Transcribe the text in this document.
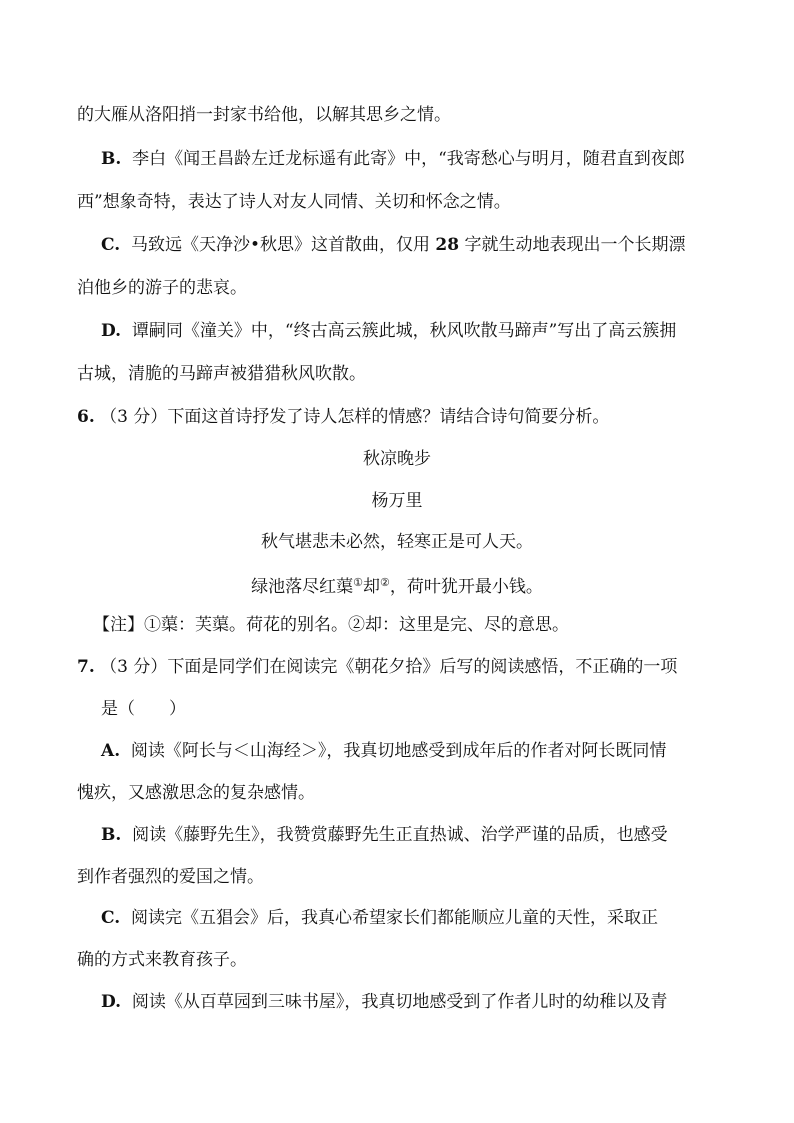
的大雁从洛阳捎一封家书给他，以解其思乡之情。
B. 李白《闻王昌龄左迁龙标遥有此寄》中，“我寄愁心与明月，随君直到夜郎
西”想象奇特，表达了诗人对友人同情、关切和怀念之情。
C. 马致远《天净沙•秋思》这首散曲，仅用 28 字就生动地表现出一个长期漂
泊他乡的游子的悲哀。
D. 谭嗣同《潼关》中，“终古高云簇此城，秋风吹散马蹄声”写出了高云簇拥
古城，清脆的马蹄声被猎猎秋风吹散。
6. （3 分）下面这首诗抒发了诗人怎样的情感？请结合诗句简要分析。
秋凉晚步
杨万里
秋气堪悲未必然，轻寒正是可人天。
绿池落尽红蕖①却②，荷叶犹开最小钱。
【注】①蕖：芙蕖。荷花的别名。②却：这里是完、尽的意思。
7. （3 分）下面是同学们在阅读完《朝花夕拾》后写的阅读感悟，不正确的一项
是（　　）
A. 阅读《阿长与＜山海经＞》，我真切地感受到成年后的作者对阿长既同情
愧疚，又感激思念的复杂感情。
B. 阅读《藤野先生》，我赞赏藤野先生正直热诚、治学严谨的品质，也感受
到作者强烈的爱国之情。
C. 阅读完《五猖会》后，我真心希望家长们都能顺应儿童的天性，采取正
确的方式来教育孩子。
D. 阅读《从百草园到三味书屋》，我真切地感受到了作者儿时的幼稚以及青
